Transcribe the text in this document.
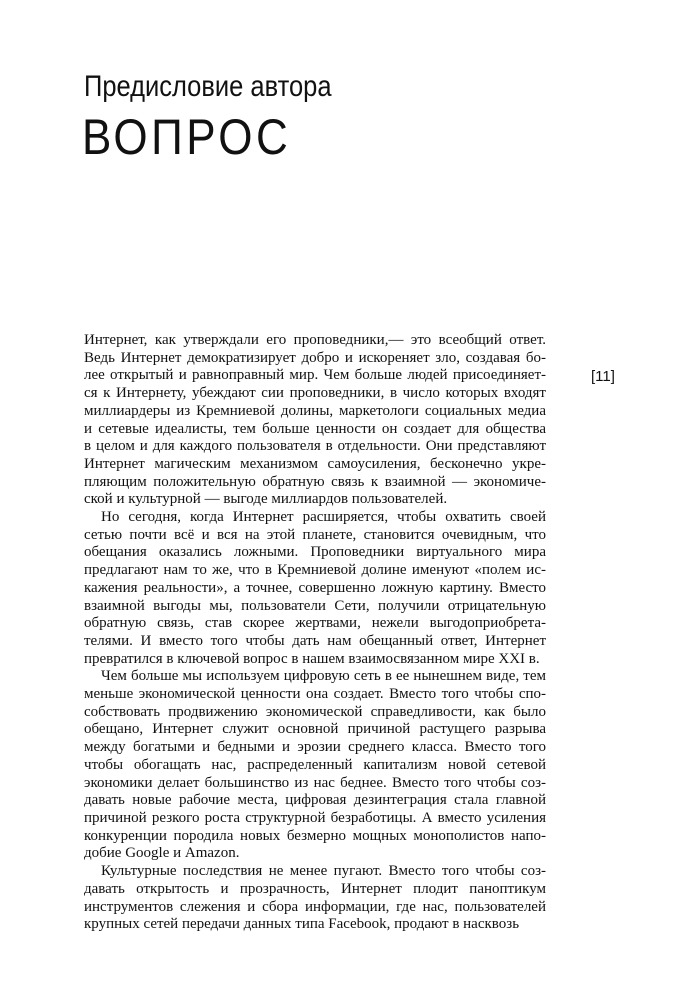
Предисловие автора
ВОПРОС
[11]

Интернет, как утверждали его проповедники,— это всеобщий ответ.
Ведь Интернет демократизирует добро и искореняет зло, создавая бо-
лее открытый и равноправный мир. Чем больше людей присоединяет-
ся к Интернету, убеждают сии проповедники, в число которых входят
миллиардеры из Кремниевой долины, маркетологи социальных медиа
и сетевые идеалисты, тем больше ценности он создает для общества
в целом и для каждого пользователя в отдельности. Они представляют
Интернет магическим механизмом самоусиления, бесконечно укре-
пляющим положительную обратную связь к взаимной — экономиче-
ской и культурной — выгоде миллиардов пользователей.

Но сегодня, когда Интернет расширяется, чтобы охватить своей
сетью почти всё и вся на этой планете, становится очевидным, что
обещания оказались ложными. Проповедники виртуального мира
предлагают нам то же, что в Кремниевой долине именуют «полем ис-
кажения реальности», а точнее, совершенно ложную картину. Вместо
взаимной выгоды мы, пользователи Сети, получили отрицательную
обратную связь, став скорее жертвами, нежели выгодоприобрета-
телями. И вместо того чтобы дать нам обещанный ответ, Интернет
превратился в ключевой вопрос в нашем взаимосвязанном мире XXI в.

Чем больше мы используем цифровую сеть в ее нынешнем виде, тем
меньше экономической ценности она создает. Вместо того чтобы спо-
собствовать продвижению экономической справедливости, как было
обещано, Интернет служит основной причиной растущего разрыва
между богатыми и бедными и эрозии среднего класса. Вместо того
чтобы обогащать нас, распределенный капитализм новой сетевой
экономики делает большинство из нас беднее. Вместо того чтобы соз-
давать новые рабочие места, цифровая дезинтеграция стала главной
причиной резкого роста структурной безработицы. А вместо усиления
конкуренции породила новых безмерно мощных монополистов напо-
добие Google и Amazon.

Культурные последствия не менее пугают. Вместо того чтобы соз-
давать открытость и прозрачность, Интернет плодит паноптикум
инструментов слежения и сбора информации, где нас, пользователей
крупных сетей передачи данных типа Facebook, продают в насквозь
